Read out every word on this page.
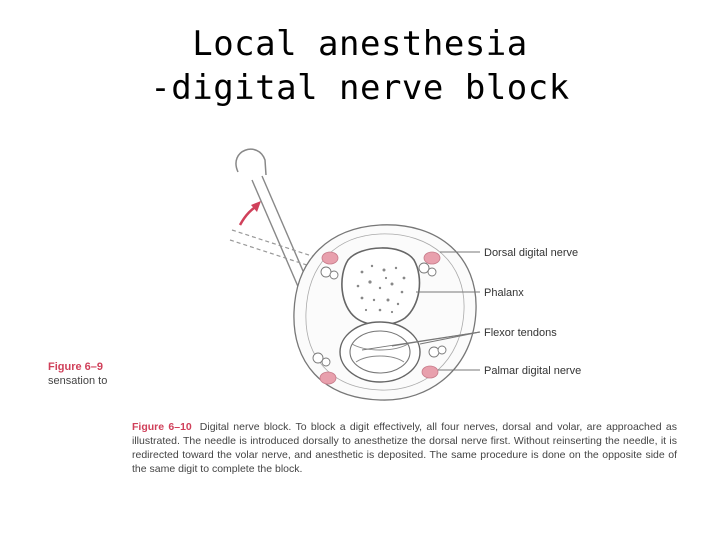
Local anesthesia
-digital nerve block
Dorsal digital nerve
Phalanx
Flexor tendons
Palmar digital nerve
Figure 6–9
sensation to
Figure 6–10 Digital nerve block. To block a digit effectively, all four nerves, dorsal and volar, are approached as illustrated. The needle is introduced dorsally to anesthetize the dorsal nerve first. Without reinserting the needle, it is redirected toward the volar nerve, and anesthetic is deposited. The same procedure is done on the opposite side of the same digit to complete the block.
